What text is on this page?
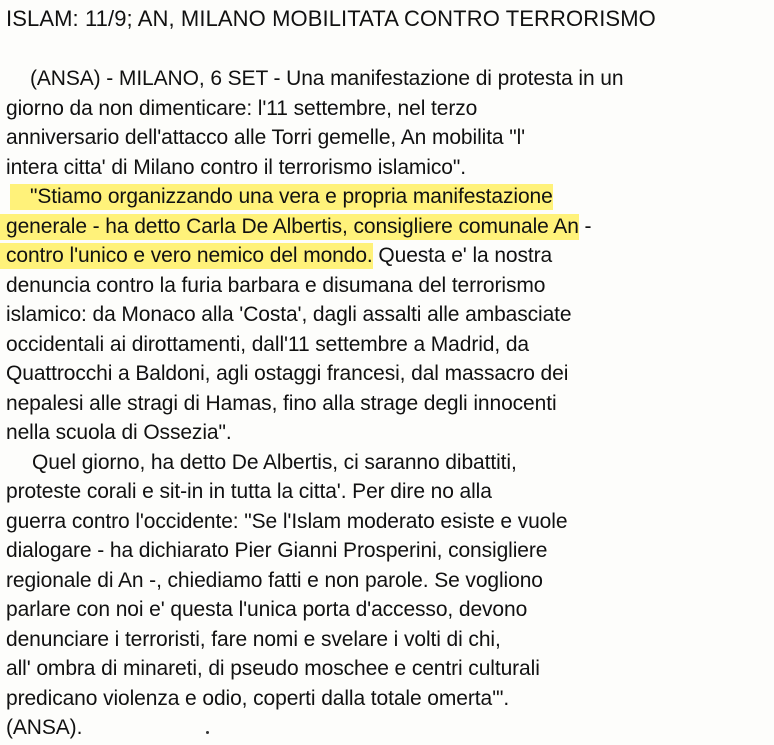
ISLAM: 11/9; AN, MILANO MOBILITATA CONTRO TERRORISMO
(ANSA) - MILANO, 6 SET - Una manifestazione di protesta in un
giorno da non dimenticare: l'11 settembre, nel terzo
anniversario dell'attacco alle Torri gemelle, An mobilita "l'
intera citta' di Milano contro il terrorismo islamico".
"Stiamo organizzando una vera e propria manifestazione
generale - ha detto Carla De Albertis, consigliere comunale An -
contro l'unico e vero nemico del mondo. Questa e' la nostra
denuncia contro la furia barbara e disumana del terrorismo
islamico: da Monaco alla 'Costa', dagli assalti alle ambasciate
occidentali ai dirottamenti, dall'11 settembre a Madrid, da
Quattrocchi a Baldoni, agli ostaggi francesi, dal massacro dei
nepalesi alle stragi di Hamas, fino alla strage degli innocenti
nella scuola di Ossezia".
Quel giorno, ha detto De Albertis, ci saranno dibattiti,
proteste corali e sit-in in tutta la citta'. Per dire no alla
guerra contro l'occidente: "Se l'Islam moderato esiste e vuole
dialogare - ha dichiarato Pier Gianni Prosperini, consigliere
regionale di An -, chiediamo fatti e non parole. Se vogliono
parlare con noi e' questa l'unica porta d'accesso, devono
denunciare i terroristi, fare nomi e svelare i volti di chi,
all' ombra di minareti, di pseudo moschee e centri culturali
predicano violenza e odio, coperti dalla totale omerta'".
(ANSA).
